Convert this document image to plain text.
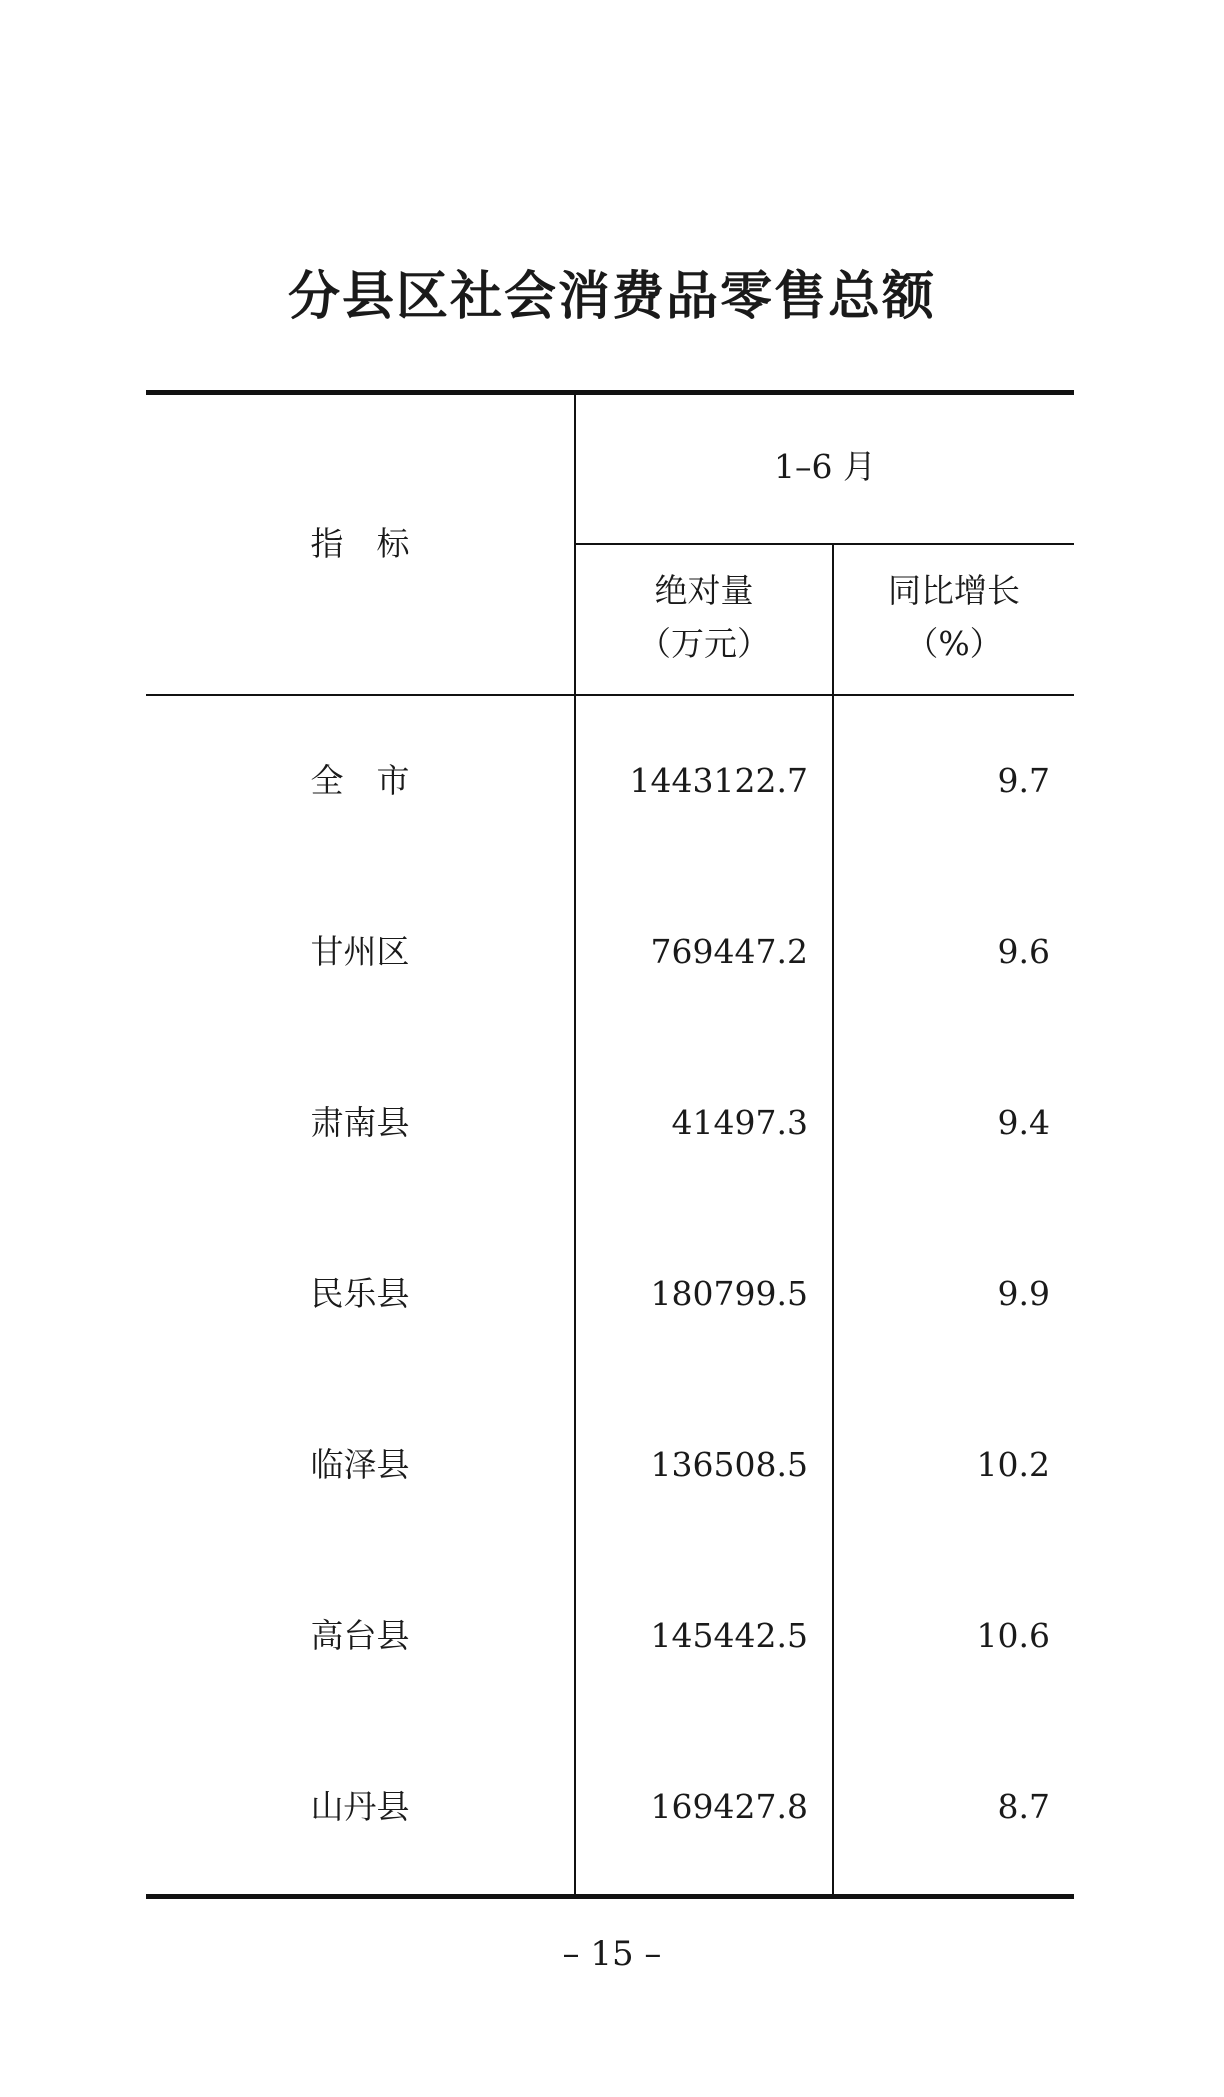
分县区社会消费品零售总额
指　标
1–6 月
绝对量
（万元）
同比增长
（%）
全　市	1443122.7	9.7
甘州区	769447.2	9.6
肃南县	41497.3	9.4
民乐县	180799.5	9.9
临泽县	136508.5	10.2
高台县	145442.5	10.6
山丹县	169427.8	8.7
– 15 –
